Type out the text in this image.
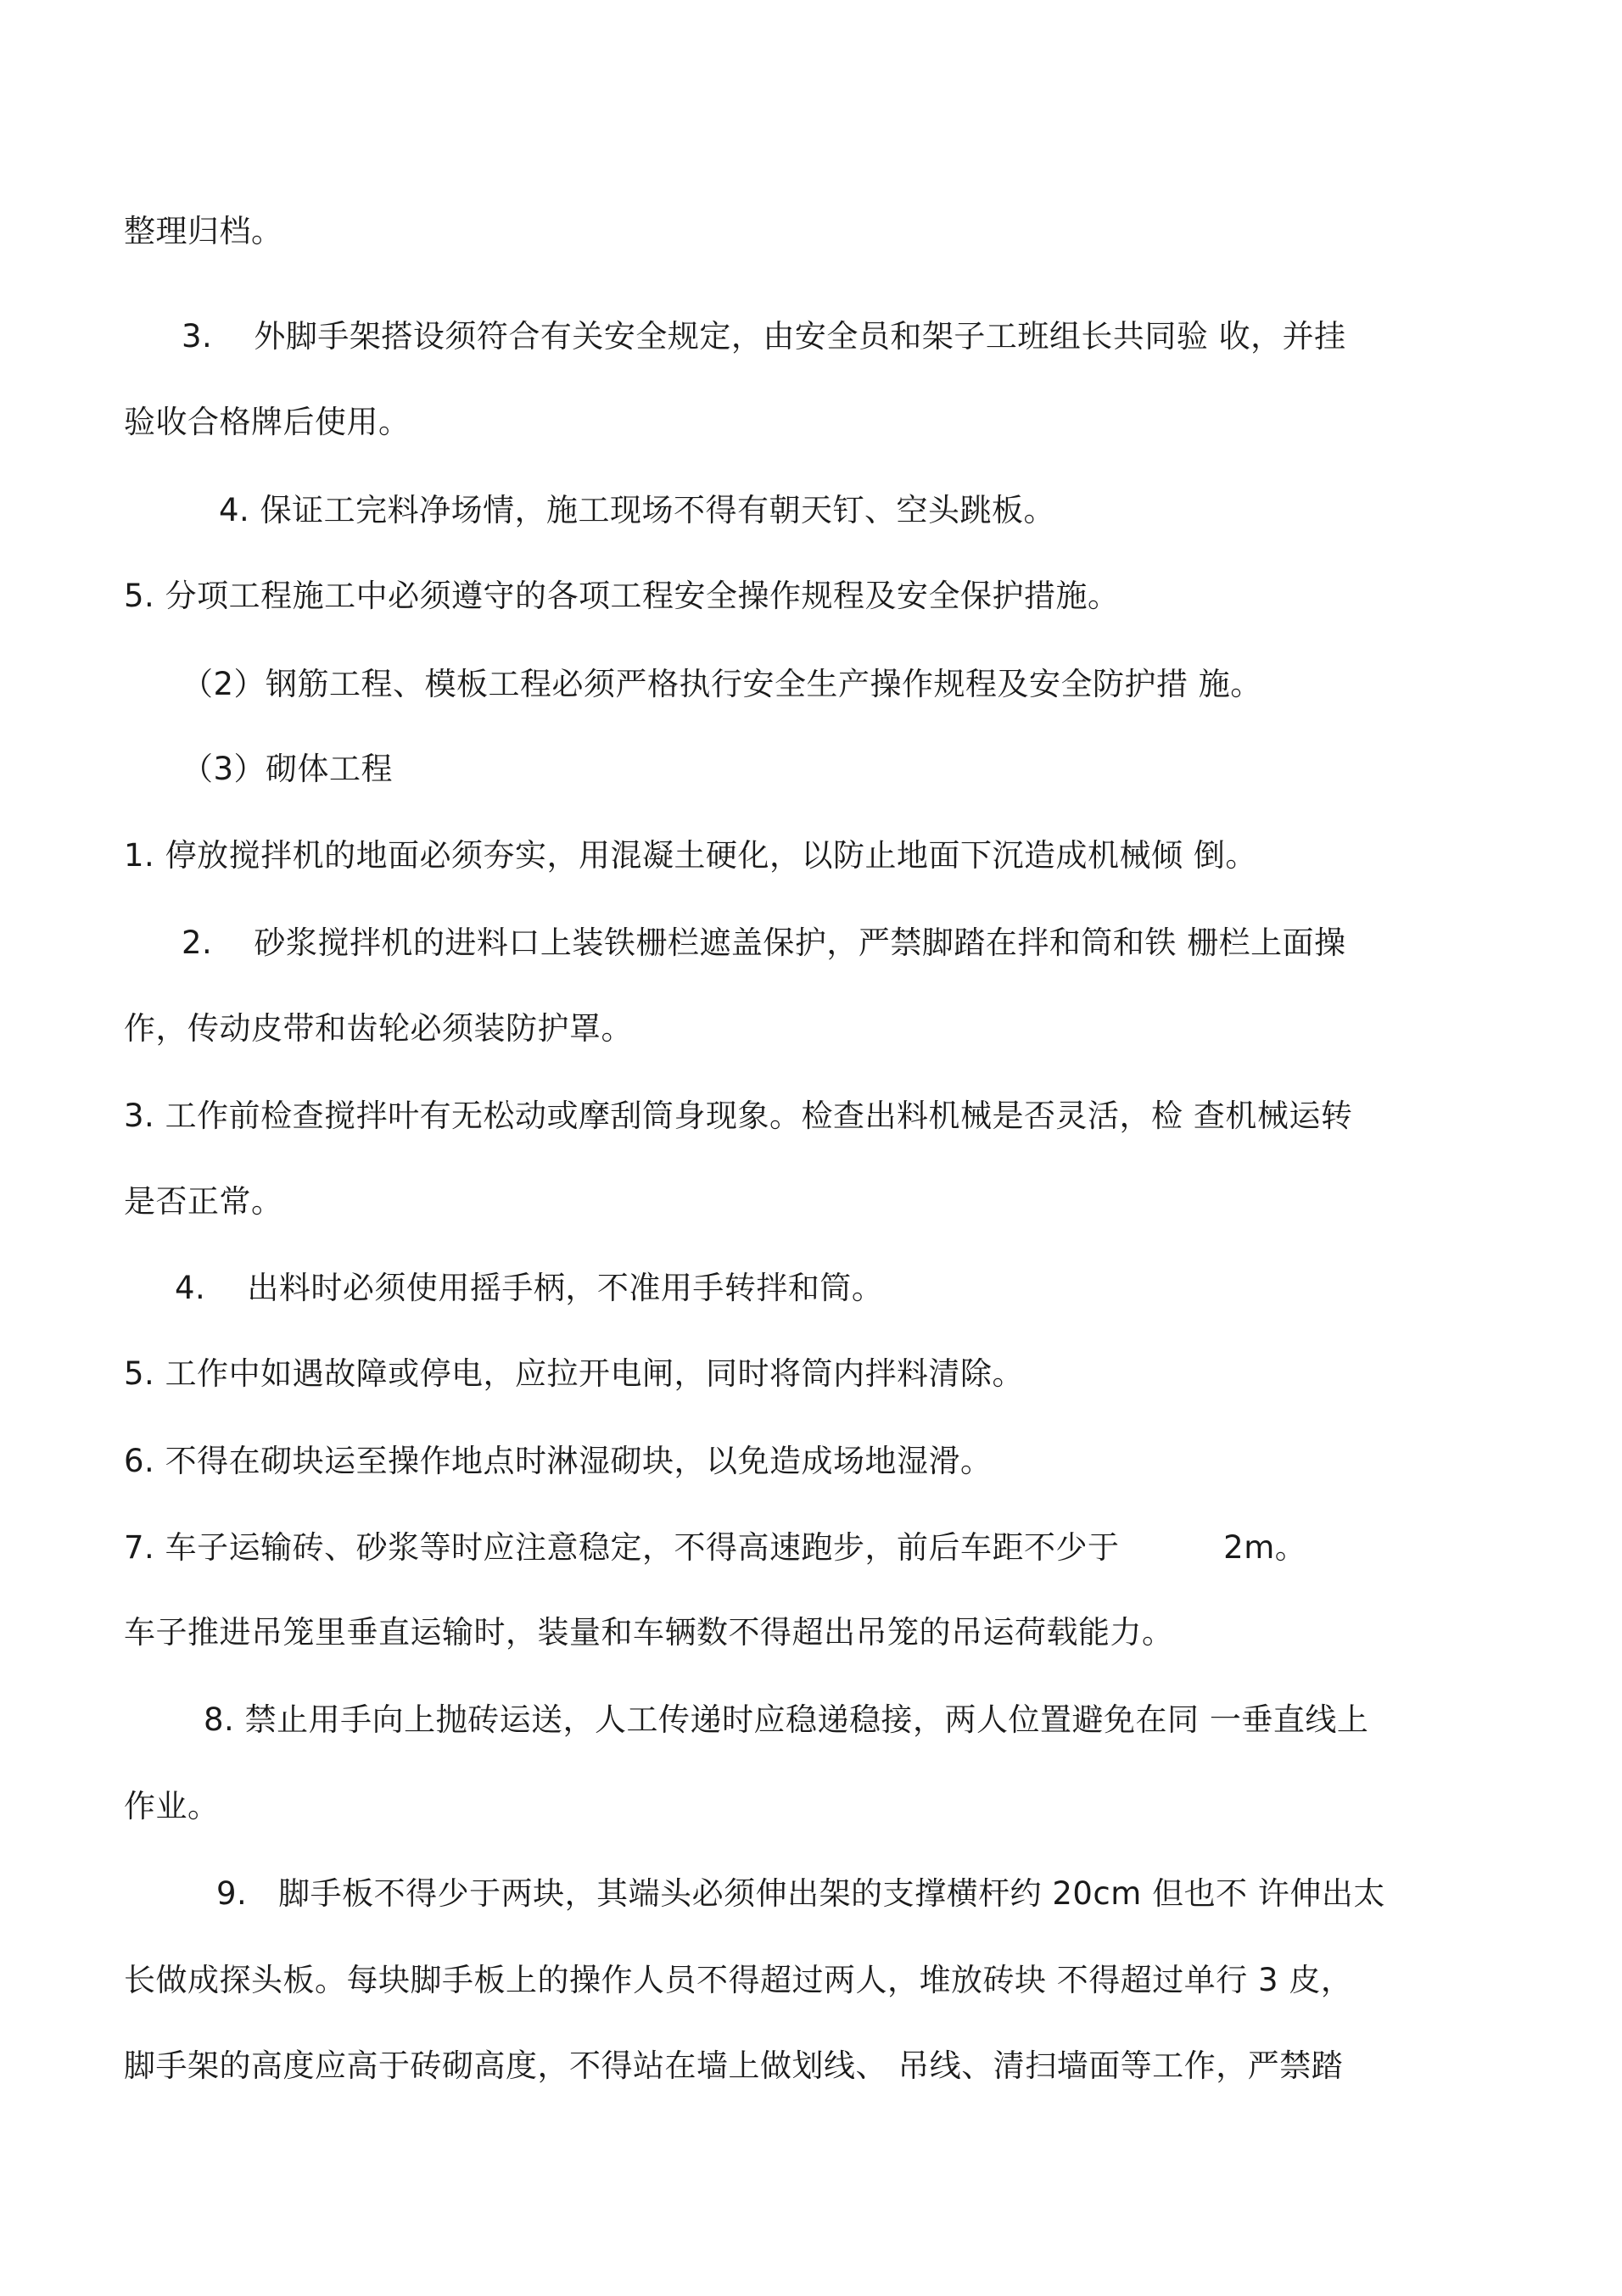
整理归档。
3.    外脚手架搭设须符合有关安全规定，由安全员和架子工班组长共同验 收，并挂
验收合格牌后使用。
4. 保证工完料净场情，施工现场不得有朝天钉、空头跳板。
5. 分项工程施工中必须遵守的各项工程安全操作规程及安全保护措施。
（2）钢筋工程、模板工程必须严格执行安全生产操作规程及安全防护措 施。
（3）砌体工程
1. 停放搅拌机的地面必须夯实，用混凝土硬化，以防止地面下沉造成机械倾 倒。
2.    砂浆搅拌机的进料口上装铁栅栏遮盖保护，严禁脚踏在拌和筒和铁 栅栏上面操
作，传动皮带和齿轮必须装防护罩。
3. 工作前检查搅拌叶有无松动或摩刮筒身现象。检查出料机械是否灵活，检 查机械运转
是否正常。
4.    出料时必须使用摇手柄，不准用手转拌和筒。
5. 工作中如遇故障或停电，应拉开电闸，同时将筒内拌料清除。
6. 不得在砌块运至操作地点时淋湿砌块，以免造成场地湿滑。
7. 车子运输砖、砂浆等时应注意稳定，不得高速跑步，前后车距不少于          2m。
车子推进吊笼里垂直运输时，装量和车辆数不得超出吊笼的吊运荷载能力。
8. 禁止用手向上抛砖运送，人工传递时应稳递稳接，两人位置避免在同 一垂直线上
作业。
9.   脚手板不得少于两块，其端头必须伸出架的支撑横杆约 20cm 但也不 许伸出太
长做成探头板。每块脚手板上的操作人员不得超过两人，堆放砖块 不得超过单行 3 皮，
脚手架的高度应高于砖砌高度，不得站在墙上做划线、 吊线、清扫墙面等工作，严禁踏
